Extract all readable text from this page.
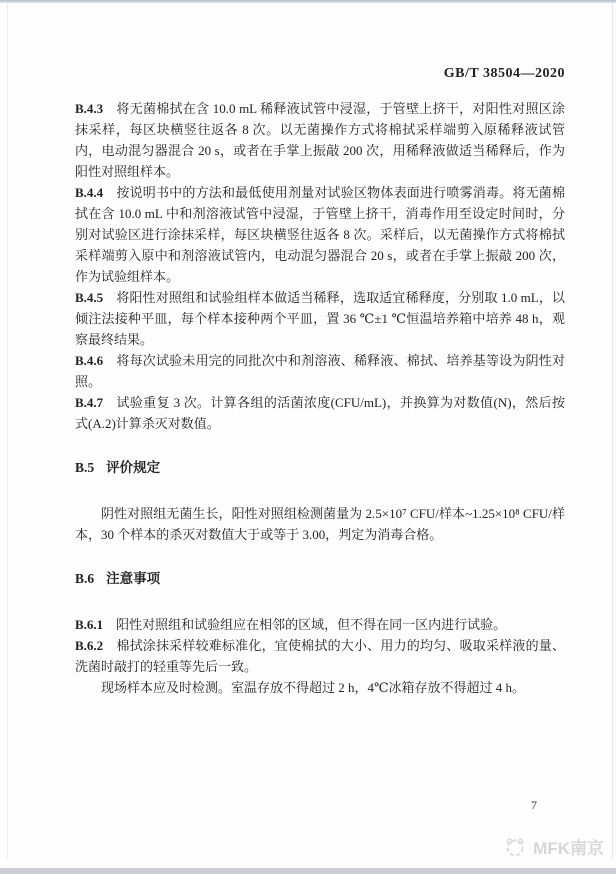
GB/T 38504—2020

B.4.3 将无菌棉拭在含 10.0 mL 稀释液试管中浸湿，于管壁上挤干，对阳性对照区涂抹采样，每区块横竖往返各 8 次。以无菌操作方式将棉拭采样端剪入原稀释液试管内，电动混匀器混合 20 s，或者在手掌上振敲 200 次，用稀释液做适当稀释后，作为阳性对照组样本。

B.4.4 按说明书中的方法和最低使用剂量对试验区物体表面进行喷雾消毒。将无菌棉拭在含 10.0 mL 中和剂溶液试管中浸湿，于管壁上挤干，消毒作用至设定时间时，分别对试验区进行涂抹采样，每区块横竖往返各 8 次。采样后，以无菌操作方式将棉拭采样端剪入原中和剂溶液试管内，电动混匀器混合 20 s，或者在手掌上振敲 200 次，作为试验组样本。

B.4.5 将阳性对照组和试验组样本做适当稀释，选取适宜稀释度，分别取 1.0 mL，以倾注法接种平皿，每个样本接种两个平皿，置 36 ℃±1 ℃恒温培养箱中培养 48 h，观察最终结果。

B.4.6 将每次试验未用完的同批次中和剂溶液、稀释液、棉拭、培养基等设为阴性对照。

B.4.7 试验重复 3 次。计算各组的活菌浓度(CFU/mL)，并换算为对数值(N)，然后按式(A.2)计算杀灭对数值。

B.5 评价规定

阴性对照组无菌生长，阳性对照组检测菌量为 2.5×10⁷ CFU/样本~1.25×10⁸ CFU/样本，30 个样本的杀灭对数值大于或等于 3.00，判定为消毒合格。

B.6 注意事项

B.6.1 阳性对照组和试验组应在相邻的区域，但不得在同一区内进行试验。

B.6.2 棉拭涂抹采样较难标准化，宜使棉拭的大小、用力的均匀、吸取采样液的量、洗菌时敲打的轻重等先后一致。

现场样本应及时检测。室温存放不得超过 2 h，4℃冰箱存放不得超过 4 h。

7
MFK南京
